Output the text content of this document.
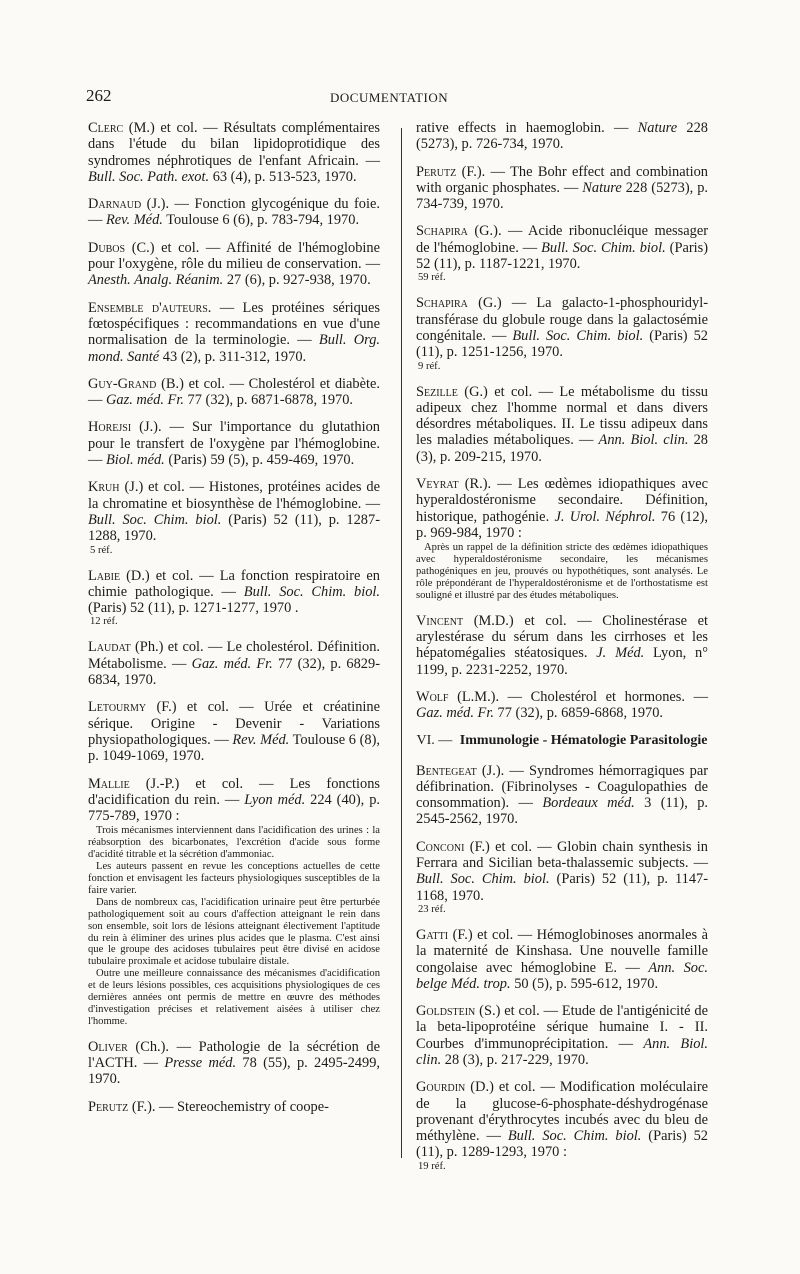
262	DOCUMENTATION
Clerc (M.) et col. — Résultats complémentaires dans l'étude du bilan lipidoprotidique des syndromes néphrotiques de l'enfant Africain. — Bull. Soc. Path. exot. 63 (4), p. 513-523, 1970.
Darnaud (J.). — Fonction glycogénique du foie. — Rev. Méd. Toulouse 6 (6), p. 783-794, 1970.
Dubos (C.) et col. — Affinité de l'hémoglobine pour l'oxygène, rôle du milieu de conservation. — Anesth. Analg. Réanim. 27 (6), p. 927-938, 1970.
Ensemble d'auteurs. — Les protéines sériques fœtospécifiques : recommandations en vue d'une normalisation de la terminologie. — Bull. Org. mond. Santé 43 (2), p. 311-312, 1970.
Guy-Grand (B.) et col. — Cholestérol et diabète. — Gaz. méd. Fr. 77 (32), p. 6871-6878, 1970.
Horejsi (J.). — Sur l'importance du glutathion pour le transfert de l'oxygène par l'hémoglobine. — Biol. méd. (Paris) 59 (5), p. 459-469, 1970.
Kruh (J.) et col. — Histones, protéines acides de la chromatine et biosynthèse de l'hémoglobine. — Bull. Soc. Chim. biol. (Paris) 52 (11), p. 1287-1288, 1970.
5 réf.
Labie (D.) et col. — La fonction respiratoire en chimie pathologique. — Bull. Soc. Chim. biol. (Paris) 52 (11), p. 1271-1277, 1970 .
12 réf.
Laudat (Ph.) et col. — Le cholestérol. Définition. Métabolisme. — Gaz. méd. Fr. 77 (32), p. 6829-6834, 1970.
Letourmy (F.) et col. — Urée et créatinine sérique. Origine - Devenir - Variations physiopathologiques. — Rev. Méd. Toulouse 6 (8), p. 1049-1069, 1970.
Mallie (J.-P.) et col. — Les fonctions d'acidification du rein. — Lyon méd. 224 (40), p. 775-789, 1970 :

Trois mécanismes interviennent dans l'acidification des urines : la réabsorption des bicarbonates, l'excrétion d'acide sous forme d'acidité titrable et la sécrétion d'ammoniac.

Les auteurs passent en revue les conceptions actuelles de cette fonction et envisagent les facteurs physiologiques susceptibles de la faire varier.

Dans de nombreux cas, l'acidification urinaire peut être perturbée pathologiquement soit au cours d'affection atteignant le rein dans son ensemble, soit lors de lésions atteignant électivement l'aptitude du rein à éliminer des urines plus acides que le plasma. C'est ainsi que le groupe des acidoses tubulaires peut être divisé en acidose tubulaire proximale et acidose tubulaire distale.

Outre une meilleure connaissance des mécanismes d'acidification et de leurs lésions possibles, ces acquisitions physiologiques de ces dernières années ont permis de mettre en œuvre des méthodes d'investigation précises et relativement aisées à utiliser chez l'homme.

Oliver (Ch.). — Pathologie de la sécrétion de l'ACTH. — Presse méd. 78 (55), p. 2495-2499, 1970.
Perutz (F.). — Stereochemistry of coope-
rative effects in haemoglobin. — Nature 228 (5273), p. 726-734, 1970.
Perutz (F.). — The Bohr effect and combination with organic phosphates. — Nature 228 (5273), p. 734-739, 1970.
Schapira (G.). — Acide ribonucléique messager de l'hémoglobine. — Bull. Soc. Chim. biol. (Paris) 52 (11), p. 1187-1221, 1970.
59 réf.
Schapira (G.) — La galacto-1-phosphouridyl-transférase du globule rouge dans la galactosémie congénitale. — Bull. Soc. Chim. biol. (Paris) 52 (11), p. 1251-1256, 1970.
9 réf.
Sezille (G.) et col. — Le métabolisme du tissu adipeux chez l'homme normal et dans divers désordres métaboliques. II. Le tissu adipeux dans les maladies métaboliques. — Ann. Biol. clin. 28 (3), p. 209-215, 1970.
Veyrat (R.). — Les œdèmes idiopathiques avec hyperaldostéronisme secondaire. Définition, historique, pathogénie. J. Urol. Néphrol. 76 (12), p. 969-984, 1970 :

Après un rappel de la définition stricte des œdèmes idiopathiques avec hyperaldostéronisme secondaire, les mécanismes pathogéniques en jeu, prouvés ou hypothétiques, sont analysés. Le rôle prépondérant de l'hyperaldostéronisme et de l'orthostatisme est souligné et illustré par des études métaboliques.

Vincent (M.D.) et col. — Cholinestérase et arylestérase du sérum dans les cirrhoses et les hépatomégalies stéatosiques. J. Méd. Lyon, n° 1199, p. 2231-2252, 1970.
Wolf (L.M.). — Cholestérol et hormones. — Gaz. méd. Fr. 77 (32), p. 6859-6868, 1970.
VI. — Immunologie - Hématologie Parasitologie
Bentegeat (J.). — Syndromes hémorragiques par défibrination. (Fibrinolyses - Coagulopathies de consommation). — Bordeaux méd. 3 (11), p. 2545-2562, 1970.
Conconi (F.) et col. — Globin chain synthesis in Ferrara and Sicilian beta-thalassemic subjects. — Bull. Soc. Chim. biol. (Paris) 52 (11), p. 1147-1168, 1970.
23 réf.
Gatti (F.) et col. — Hémoglobinoses anormales à la maternité de Kinshasa. Une nouvelle famille congolaise avec hémoglobine E. — Ann. Soc. belge Méd. trop. 50 (5), p. 595-612, 1970.
Goldstein (S.) et col. — Etude de l'antigénicité de la beta-lipoprotéine sérique humaine I. - II. Courbes d'immunoprécipitation. — Ann. Biol. clin. 28 (3), p. 217-229, 1970.
Gourdin (D.) et col. — Modification moléculaire de la glucose-6-phosphate-déshydrogénase provenant d'érythrocytes incubés avec du bleu de méthylène. — Bull. Soc. Chim. biol. (Paris) 52 (11), p. 1289-1293, 1970 :
19 réf.
